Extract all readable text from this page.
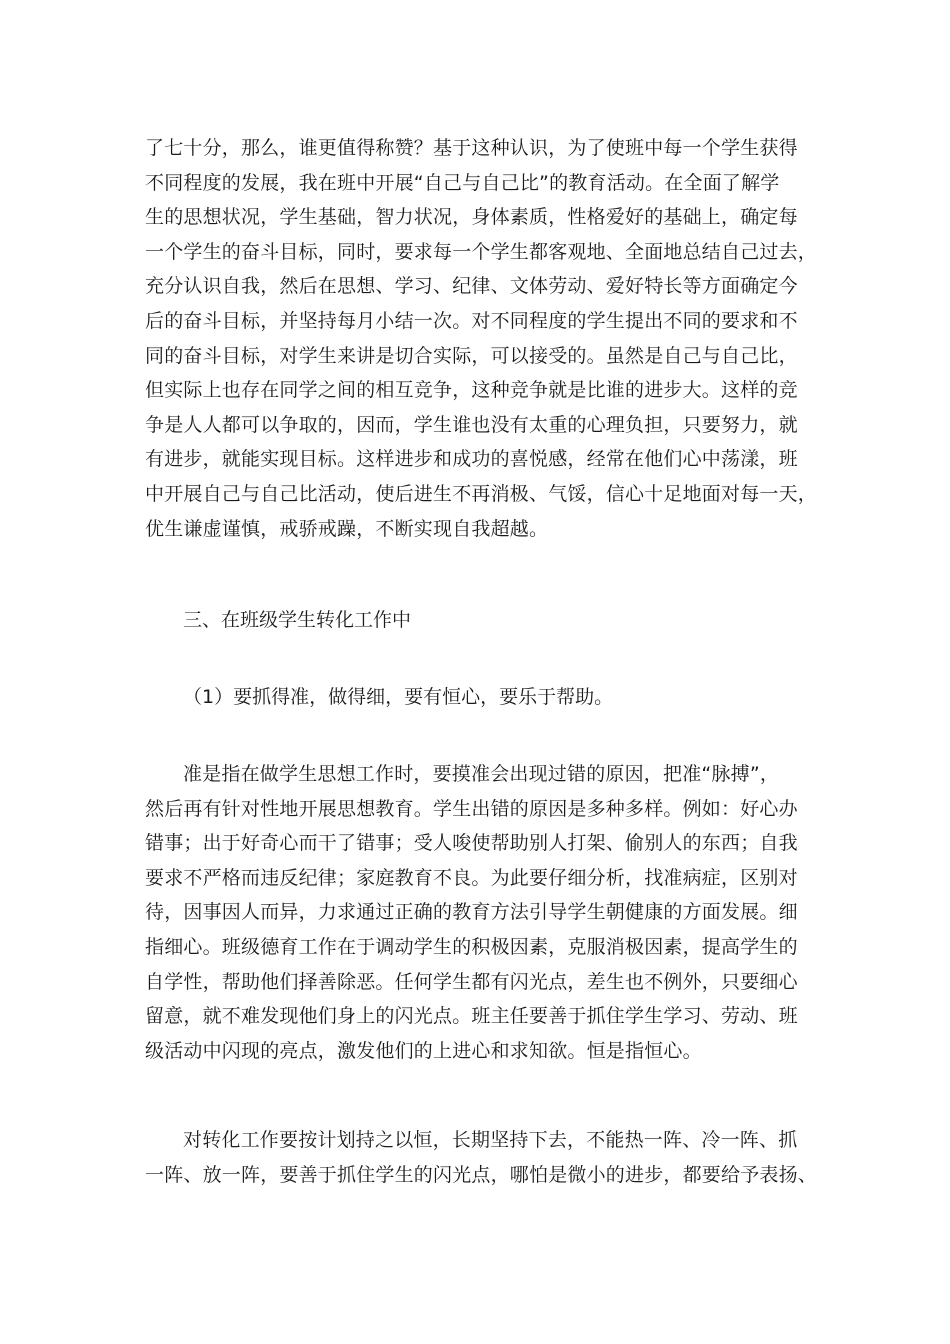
了七十分，那么，谁更值得称赞？基于这种认识，为了使班中每一个学生获得
不同程度的发展，我在班中开展“自己与自己比”的教育活动。在全面了解学
生的思想状况，学生基础，智力状况，身体素质，性格爱好的基础上，确定每
一个学生的奋斗目标，同时，要求每一个学生都客观地、全面地总结自己过去，
充分认识自我，然后在思想、学习、纪律、文体劳动、爱好特长等方面确定今
后的奋斗目标，并坚持每月小结一次。对不同程度的学生提出不同的要求和不
同的奋斗目标，对学生来讲是切合实际，可以接受的。虽然是自己与自己比，
但实际上也存在同学之间的相互竞争，这种竞争就是比谁的进步大。这样的竞
争是人人都可以争取的，因而，学生谁也没有太重的心理负担，只要努力，就
有进步，就能实现目标。这样进步和成功的喜悦感，经常在他们心中荡漾，班
中开展自己与自己比活动，使后进生不再消极、气馁，信心十足地面对每一天，
优生谦虚谨慎，戒骄戒躁，不断实现自我超越。
三、在班级学生转化工作中
（1）要抓得准，做得细，要有恒心，要乐于帮助。
准是指在做学生思想工作时，要摸准会出现过错的原因，把准“脉搏”，
然后再有针对性地开展思想教育。学生出错的原因是多种多样。例如：好心办
错事；出于好奇心而干了错事；受人唆使帮助别人打架、偷别人的东西；自我
要求不严格而违反纪律；家庭教育不良。为此要仔细分析，找准病症，区别对
待，因事因人而异，力求通过正确的教育方法引导学生朝健康的方面发展。细
指细心。班级德育工作在于调动学生的积极因素，克服消极因素，提高学生的
自学性，帮助他们择善除恶。任何学生都有闪光点，差生也不例外，只要细心
留意，就不难发现他们身上的闪光点。班主任要善于抓住学生学习、劳动、班
级活动中闪现的亮点，激发他们的上进心和求知欲。恒是指恒心。
对转化工作要按计划持之以恒，长期坚持下去，不能热一阵、冷一阵、抓
一阵、放一阵，要善于抓住学生的闪光点，哪怕是微小的进步，都要给予表扬、
